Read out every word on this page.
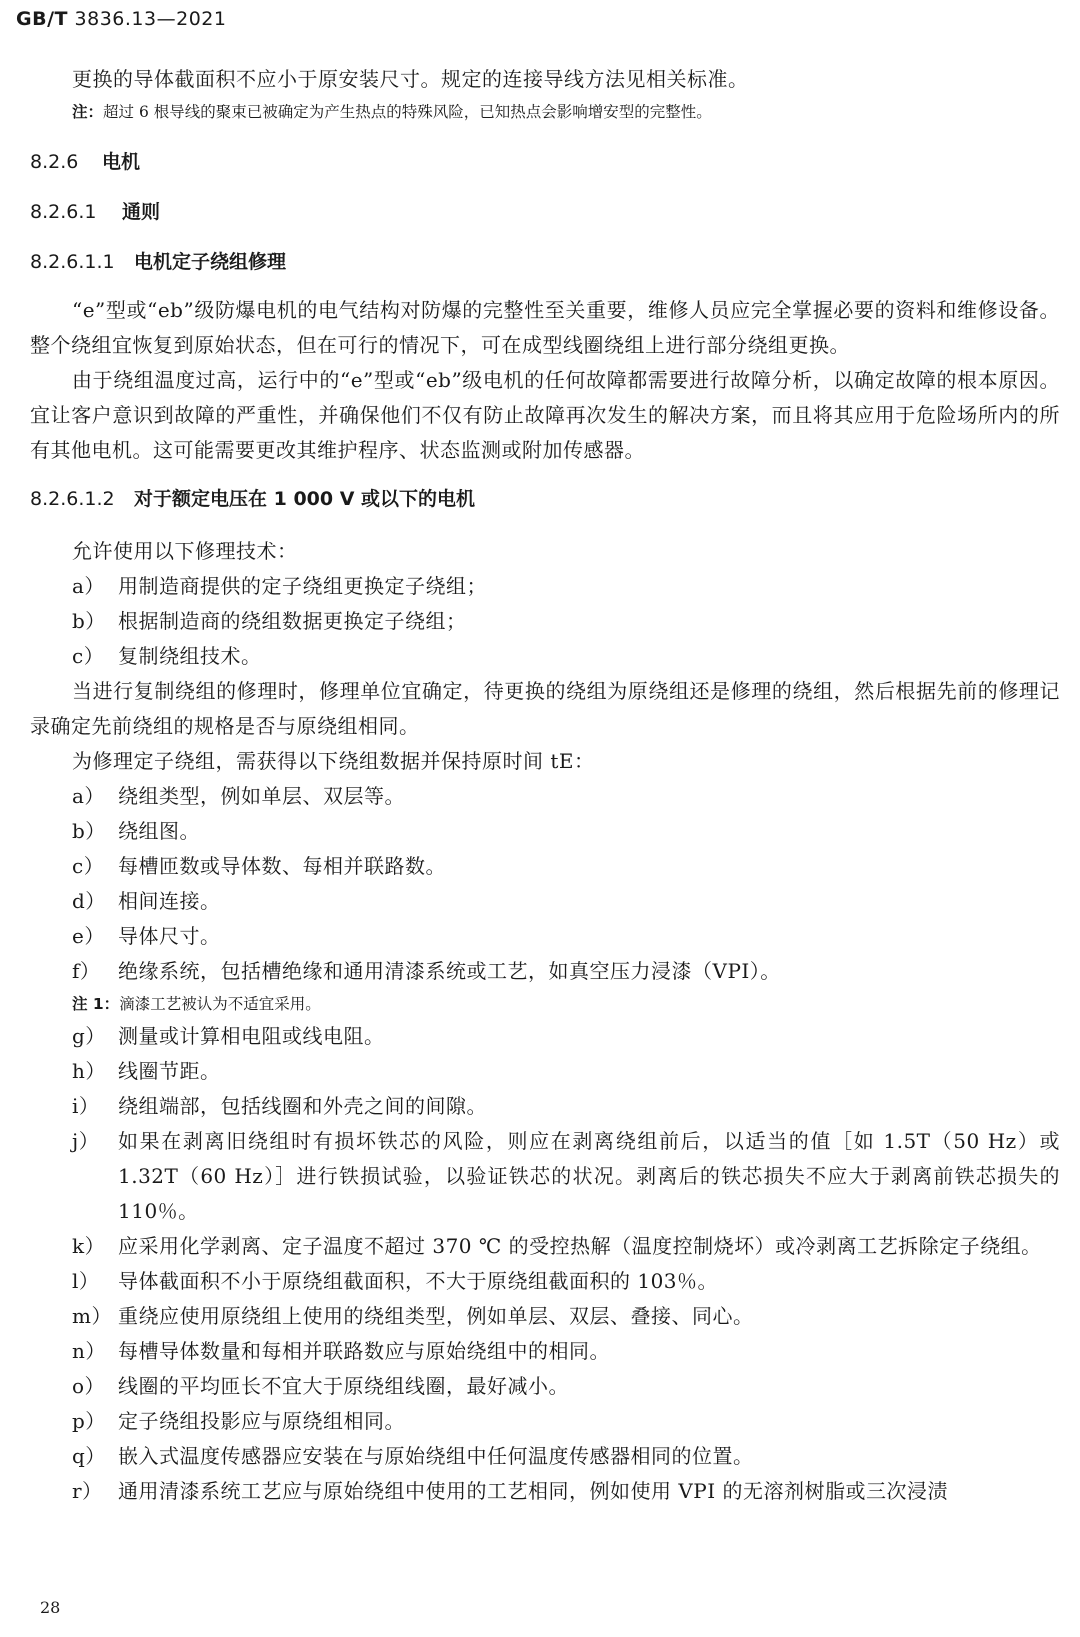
GB/T 3836.13—2021

更换的导体截面积不应小于原安装尺寸。规定的连接导线方法见相关标准。

注：超过 6 根导线的聚束已被确定为产生热点的特殊风险，已知热点会影响增安型的完整性。

8.2.6 电机
8.2.6.1 通则
8.2.6.1.1 电机定子绕组修理

“e”型或“eb”级防爆电机的电气结构对防爆的完整性至关重要，维修人员应完全掌握必要的资料和维修设备。整个绕组宜恢复到原始状态，但在可行的情况下，可在成型线圈绕组上进行部分绕组更换。

由于绕组温度过高，运行中的“e”型或“eb”级电机的任何故障都需要进行故障分析，以确定故障的根本原因。宜让客户意识到故障的严重性，并确保他们不仅有防止故障再次发生的解决方案，而且将其应用于危险场所内的所有其他电机。这可能需要更改其维护程序、状态监测或附加传感器。

8.2.6.1.2 对于额定电压在 1 000 V 或以下的电机

允许使用以下修理技术：

a） 用制造商提供的定子绕组更换定子绕组；

b） 根据制造商的绕组数据更换定子绕组；

c） 复制绕组技术。

当进行复制绕组的修理时，修理单位宜确定，待更换的绕组为原绕组还是修理的绕组，然后根据先前的修理记录确定先前绕组的规格是否与原绕组相同。

为修理定子绕组，需获得以下绕组数据并保持原时间 tE：

a） 绕组类型，例如单层、双层等。

b） 绕组图。

c） 每槽匝数或导体数、每相并联路数。

d） 相间连接。

e） 导体尺寸。

f） 绝缘系统，包括槽绝缘和通用清漆系统或工艺，如真空压力浸漆（VPI）。

注 1：滴漆工艺被认为不适宜采用。

g） 测量或计算相电阻或线电阻。

h） 线圈节距。

i） 绕组端部，包括线圈和外壳之间的间隙。

j） 如果在剥离旧绕组时有损坏铁芯的风险，则应在剥离绕组前后，以适当的值［如 1.5T（50 Hz）或 1.32T（60 Hz）］进行铁损试验，以验证铁芯的状况。剥离后的铁芯损失不应大于剥离前铁芯损失的 110％。

k） 应采用化学剥离、定子温度不超过 370 ℃ 的受控热解（温度控制烧坏）或冷剥离工艺拆除定子绕组。

l） 导体截面积不小于原绕组截面积，不大于原绕组截面积的 103％。

m） 重绕应使用原绕组上使用的绕组类型，例如单层、双层、叠接、同心。

n） 每槽导体数量和每相并联路数应与原始绕组中的相同。

o） 线圈的平均匝长不宜大于原绕组线圈，最好减小。

p） 定子绕组投影应与原绕组相同。

q） 嵌入式温度传感器应安装在与原始绕组中任何温度传感器相同的位置。

r） 通用清漆系统工艺应与原始绕组中使用的工艺相同，例如使用 VPI 的无溶剂树脂或三次浸渍

28
